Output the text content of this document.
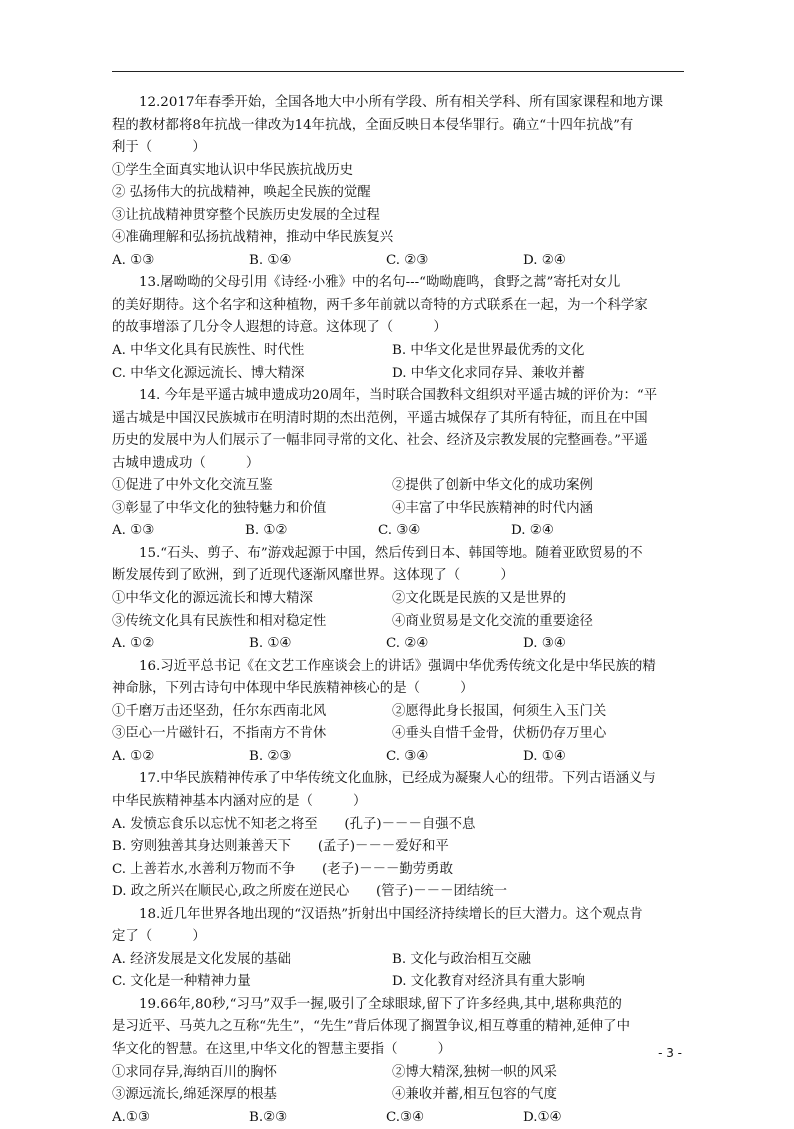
12.2017年春季开始，全国各地大中小所有学段、所有相关学科、所有国家课程和地方课
程的教材都将8年抗战一律改为14年抗战，全面反映日本侵华罪行。确立“十四年抗战”有
利于（　　　）
①学生全面真实地认识中华民族抗战历史
② 弘扬伟大的抗战精神，唤起全民族的觉醒
③让抗战精神贯穿整个民族历史发展的全过程
④准确理解和弘扬抗战精神，推动中华民族复兴
A. ①③	B. ①④	C. ②③	D. ②④
13.屠呦呦的父母引用《诗经·小雅》中的名句---“呦呦鹿鸣，食野之蒿”寄托对女儿
的美好期待。这个名字和这种植物，两千多年前就以奇特的方式联系在一起，为一个科学家
的故事增添了几分令人遐想的诗意。这体现了（　　　）
A. 中华文化具有民族性、时代性	B. 中华文化是世界最优秀的文化
C. 中华文化源远流长、博大精深	D. 中华文化求同存异、兼收并蓄
14. 今年是平遥古城申遗成功20周年，当时联合国教科文组织对平遥古城的评价为：“平
遥古城是中国汉民族城市在明清时期的杰出范例，平遥古城保存了其所有特征，而且在中国
历史的发展中为人们展示了一幅非同寻常的文化、社会、经济及宗教发展的完整画卷。”平遥
古城申遗成功（　　　）
①促进了中外文化交流互鉴	②提供了创新中华文化的成功案例
③彰显了中华文化的独特魅力和价值	④丰富了中华民族精神的时代内涵
A. ①③	B. ①②	C. ③④	D. ②④
15.“石头、剪子、布”游戏起源于中国，然后传到日本、韩国等地。随着亚欧贸易的不
断发展传到了欧洲，到了近现代逐渐风靡世界。这体现了（　　　）
①中华文化的源远流长和博大精深	②文化既是民族的又是世界的
③传统文化具有民族性和相对稳定性	④商业贸易是文化交流的重要途径
A. ①②	B. ①④	C. ②④	D. ③④
16.习近平总书记《在文艺工作座谈会上的讲话》强调中华优秀传统文化是中华民族的精
神命脉，下列古诗句中体现中华民族精神核心的是（　　　）
①千磨万击还坚劲，任尔东西南北风	②愿得此身长报国，何须生入玉门关
③臣心一片磁针石，不指南方不肯休	④垂头自惜千金骨，伏枥仍存万里心
A. ①②	B. ②③	C. ③④	D. ①④
17.中华民族精神传承了中华传统文化血脉，已经成为凝聚人心的纽带。下列古语涵义与
中华民族精神基本内涵对应的是（　　　）
A. 发愤忘食乐以忘忧不知老之将至　　(孔子)－－－自强不息
B. 穷则独善其身达则兼善天下　　(孟子)－－－爱好和平
C. 上善若水,水善利万物而不争　　(老子)－－－勤劳勇敢
D. 政之所兴在顺民心,政之所废在逆民心　　(管子)－－－团结统一
18.近几年世界各地出现的“汉语热”折射出中国经济持续增长的巨大潜力。这个观点肯
定了（　　　）
A. 经济发展是文化发展的基础	B. 文化与政治相互交融
C. 文化是一种精神力量	D. 文化教育对经济具有重大影响
19.66年,80秒,“习马”双手一握,吸引了全球眼球,留下了许多经典,其中,堪称典范的
是习近平、马英九之互称“先生”，“先生”背后体现了搁置争议,相互尊重的精神,延伸了中
华文化的智慧。在这里,中华文化的智慧主要指（　　　）
①求同存异,海纳百川的胸怀	②博大精深,独树一帜的风采
③源远流长,绵延深厚的根基	④兼收并蓄,相互包容的气度
A.①③	B.②③	C.③④	D.①④
- 3 -
